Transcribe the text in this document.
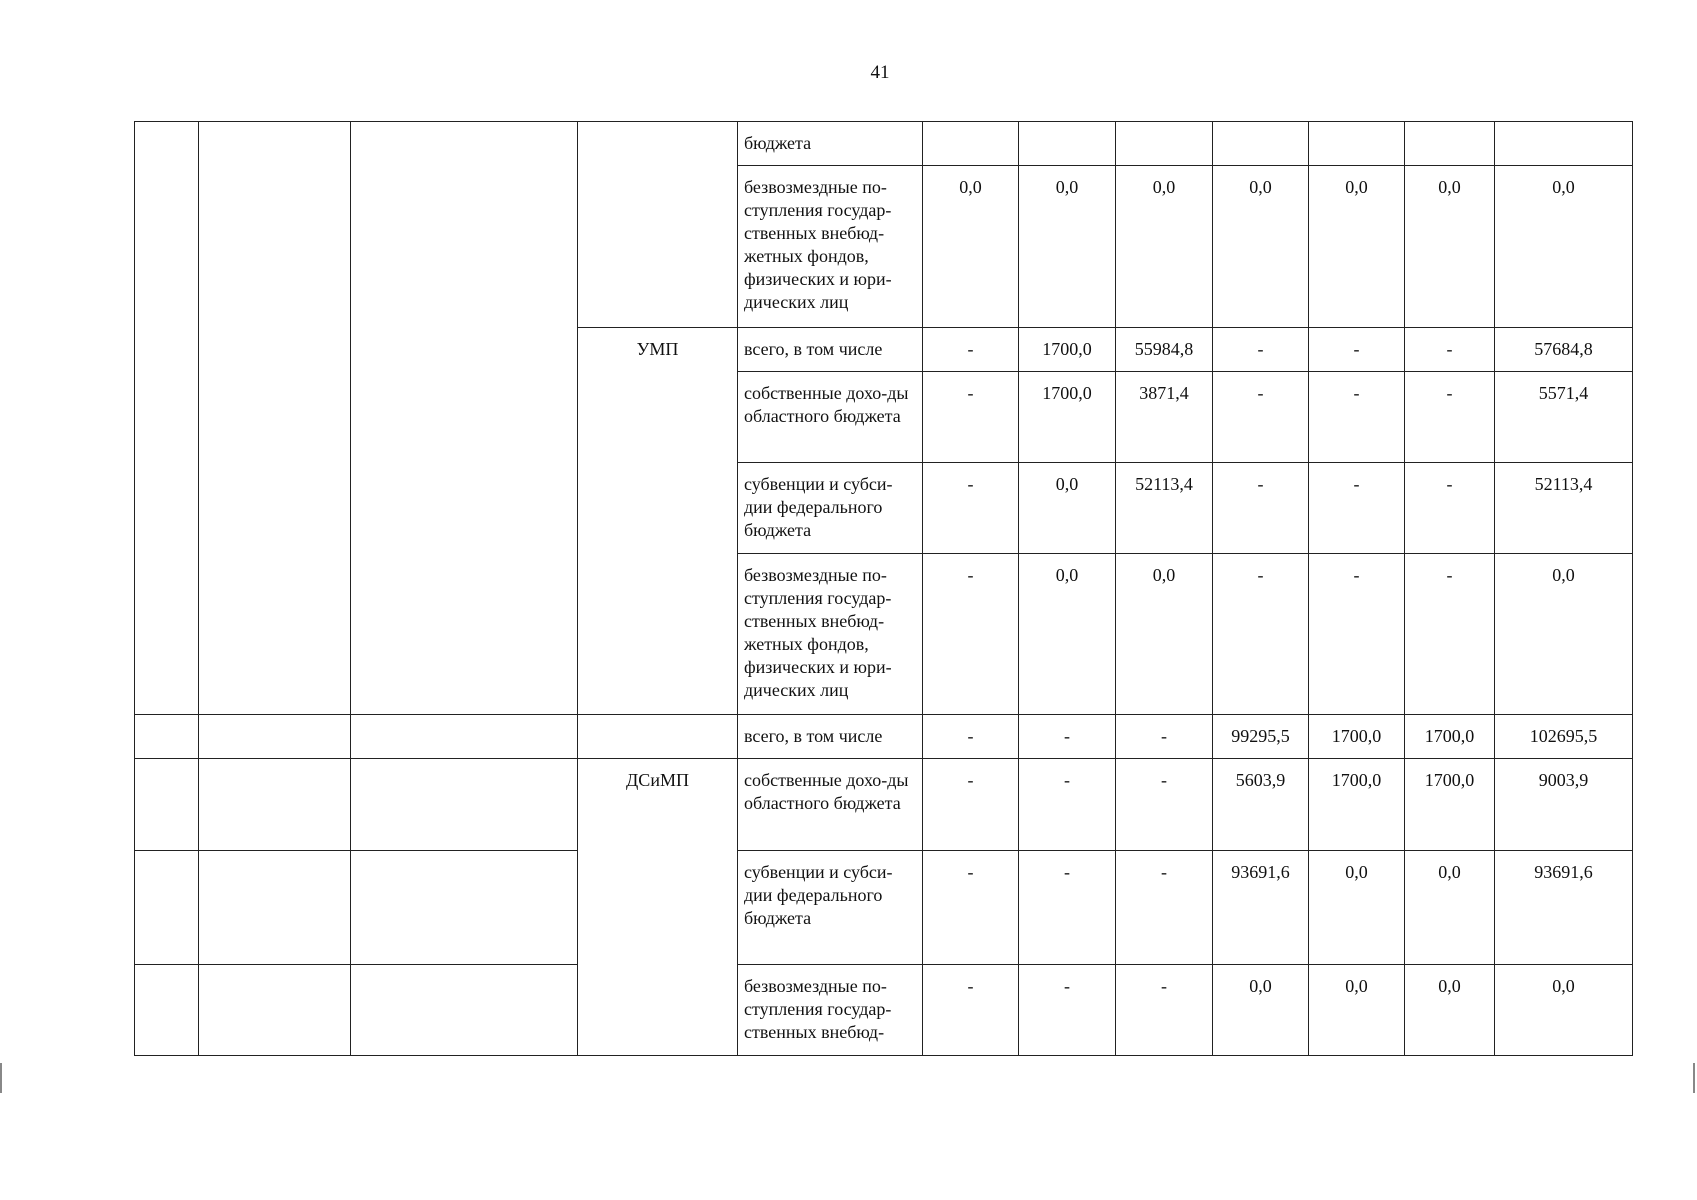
41
				бюджета							
				безвозмездные по-ступления государ-ственных внебюд-жетных фондов, физических и юри-дических лиц	0,0	0,0	0,0	0,0	0,0	0,0	0,0
			УМП	всего, в том числе	-	1700,0	55984,8	-	-	-	57684,8
				собственные дохо-ды областного бюджета	-	1700,0	3871,4	-	-	-	5571,4
				субвенции и субси-дии федерального бюджета	-	0,0	52113,4	-	-	-	52113,4
				безвозмездные по-ступления государ-ственных внебюд-жетных фондов, физических и юри-дических лиц	-	0,0	0,0	-	-	-	0,0
				всего, в том числе	-	-	-	99295,5	1700,0	1700,0	102695,5
			ДСиМП	собственные дохо-ды областного бюджета	-	-	-	5603,9	1700,0	1700,0	9003,9
				субвенции и субси-дии федерального бюджета	-	-	-	93691,6	0,0	0,0	93691,6
				безвозмездные по-ступления государ-ственных внебюд-	-	-	-	0,0	0,0	0,0	0,0
